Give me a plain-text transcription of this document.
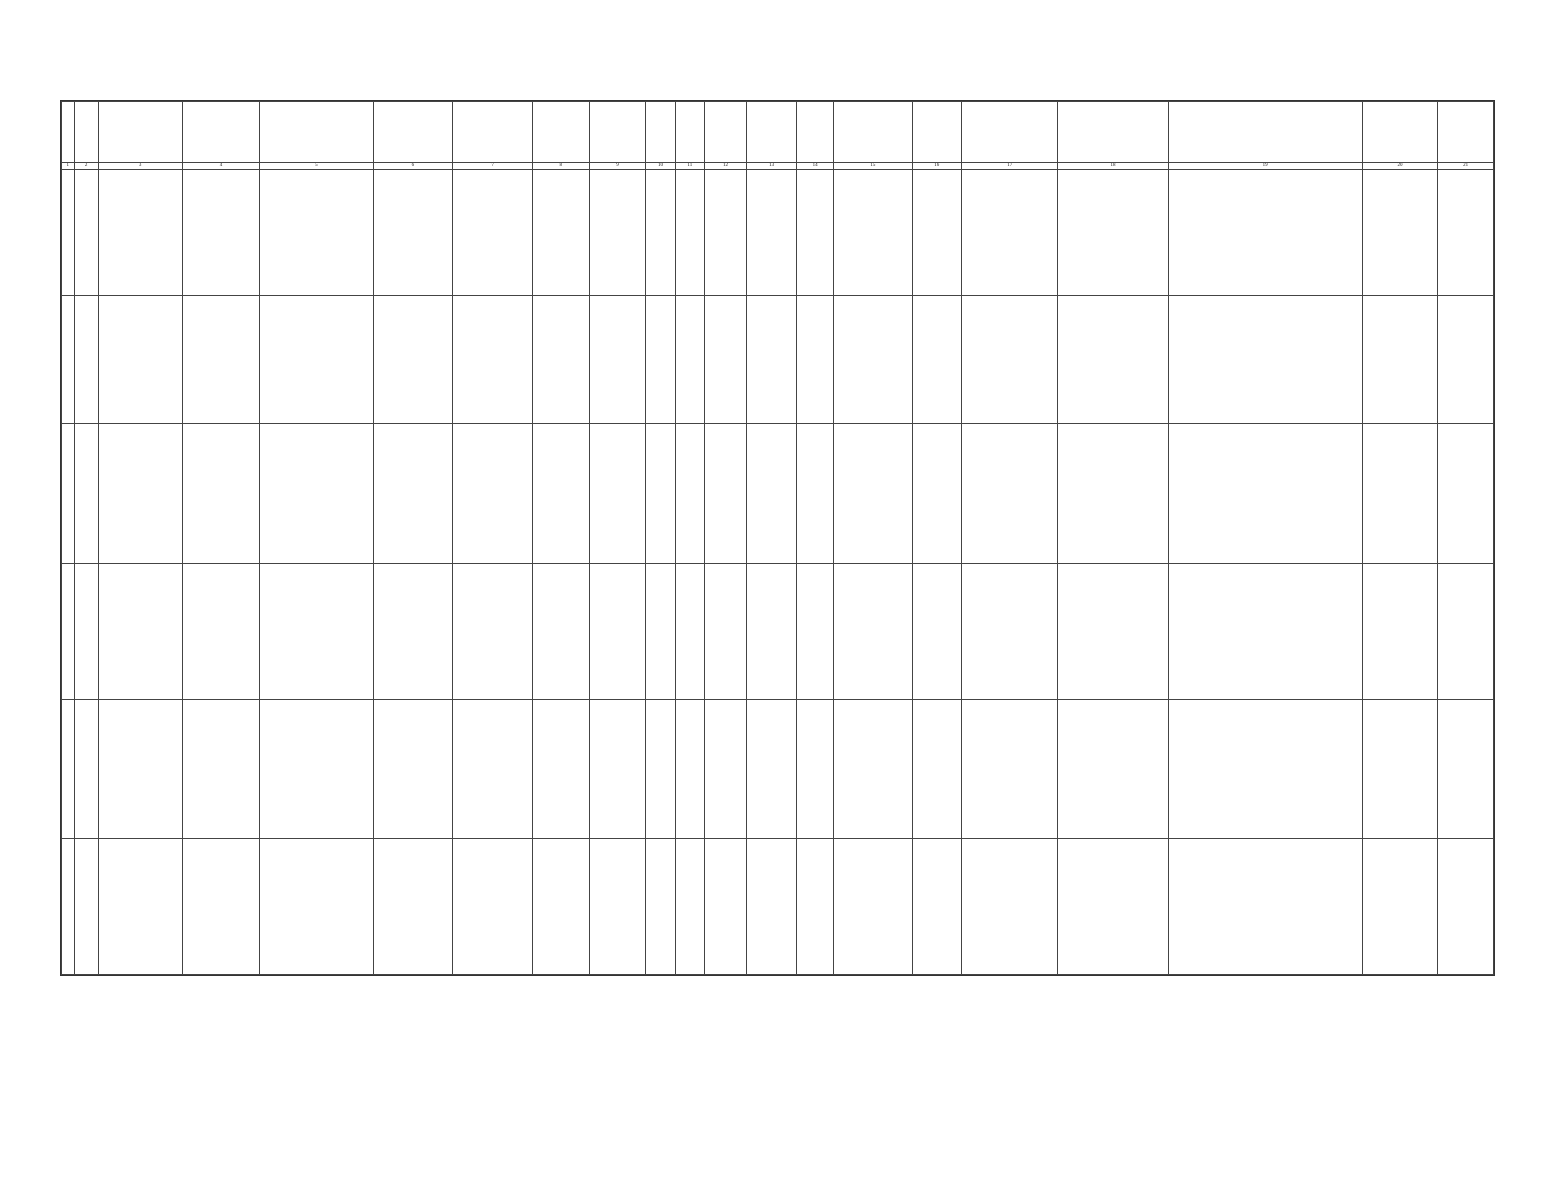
1	2	3	4	5	6	7	8	9	10	11	12	13	14	15	16	17	18	19	20	21
